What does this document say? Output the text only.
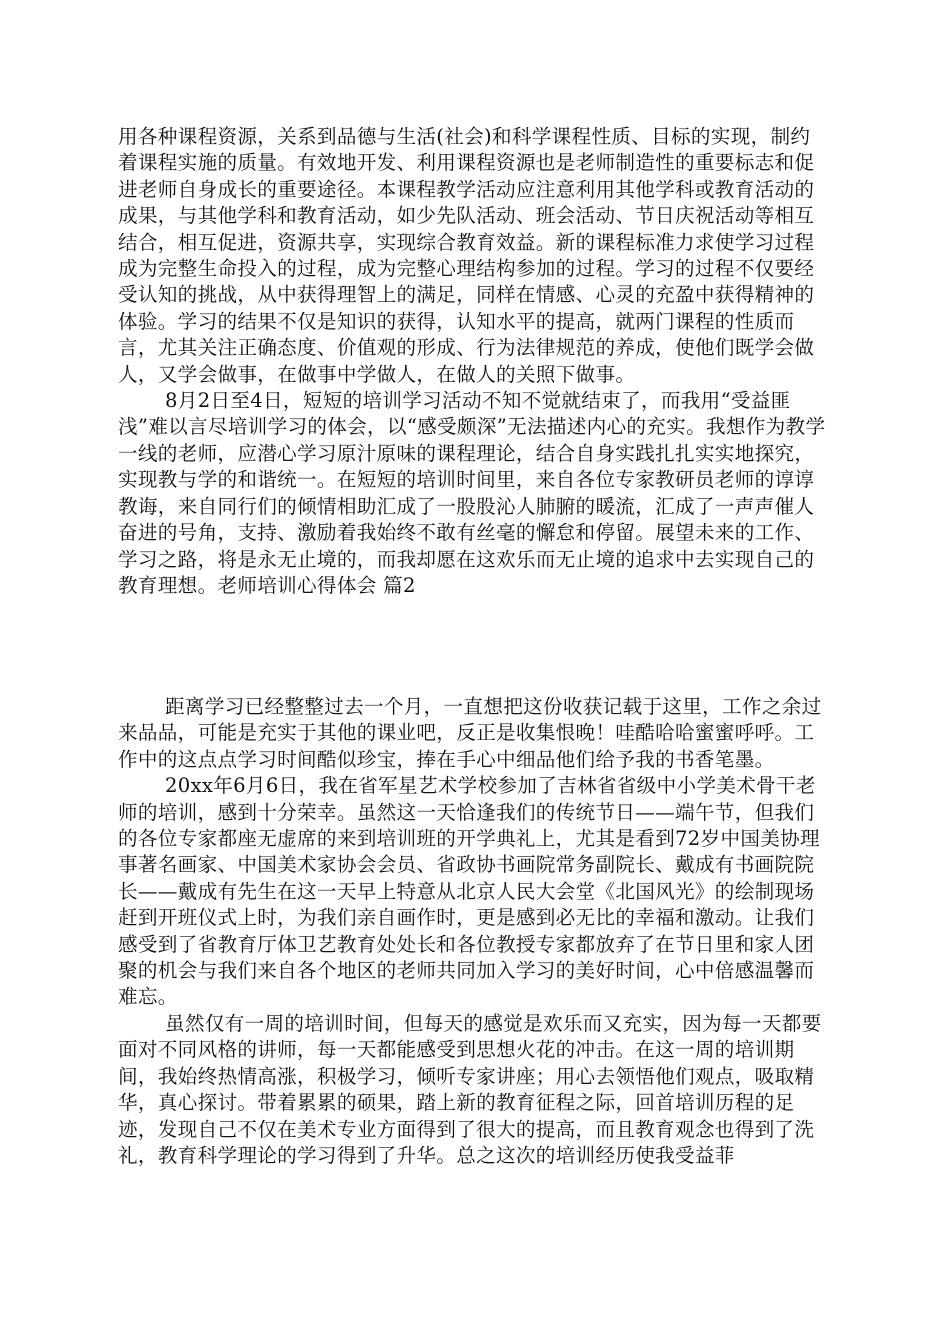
用各种课程资源，关系到品德与生活(社会)和科学课程性质、目标的实现，制约着课程实施的质量。有效地开发、利用课程资源也是老师制造性的重要标志和促进老师自身成长的重要途径。本课程教学活动应注意利用其他学科或教育活动的成果，与其他学科和教育活动，如少先队活动、班会活动、节日庆祝活动等相互结合，相互促进，资源共享，实现综合教育效益。新的课程标准力求使学习过程成为完整生命投入的过程，成为完整心理结构参加的过程。学习的过程不仅要经受认知的挑战，从中获得理智上的满足，同样在情感、心灵的充盈中获得精神的体验。学习的结果不仅是知识的获得，认知水平的提高，就两门课程的性质而言，尤其关注正确态度、价值观的形成、行为法律规范的养成，使他们既学会做人，又学会做事，在做事中学做人，在做人的关照下做事。

8月2日至4日，短短的培训学习活动不知不觉就结束了，而我用“受益匪浅”难以言尽培训学习的体会，以“感受颇深”无法描述内心的充实。我想作为教学一线的老师，应潜心学习原汁原味的课程理论，结合自身实践扎扎实实地探究，实现教与学的和谐统一。在短短的培训时间里，来自各位专家教研员老师的谆谆教诲，来自同行们的倾情相助汇成了一股股沁人肺腑的暖流，汇成了一声声催人奋进的号角，支持、激励着我始终不敢有丝毫的懈怠和停留。展望未来的工作、学习之路，将是永无止境的，而我却愿在这欢乐而无止境的追求中去实现自己的教育理想。老师培训心得体会 篇2

距离学习已经整整过去一个月，一直想把这份收获记载于这里，工作之余过来品品，可能是充实于其他的课业吧，反正是收集恨晚！哇酷哈哈蜜蜜呼呼。工作中的这点点学习时间酷似珍宝，捧在手心中细品他们给予我的书香笔墨。

20xx年6月6日，我在省军星艺术学校参加了吉林省省级中小学美术骨干老师的培训，感到十分荣幸。虽然这一天恰逢我们的传统节日——端午节，但我们的各位专家都座无虚席的来到培训班的开学典礼上，尤其是看到72岁中国美协理事著名画家、中国美术家协会会员、省政协书画院常务副院长、戴成有书画院院长——戴成有先生在这一天早上特意从北京人民大会堂《北国风光》的绘制现场赶到开班仪式上时，为我们亲自画作时，更是感到必无比的幸福和激动。让我们感受到了省教育厅体卫艺教育处处长和各位教授专家都放弃了在节日里和家人团聚的机会与我们来自各个地区的老师共同加入学习的美好时间，心中倍感温馨而难忘。

虽然仅有一周的培训时间，但每天的感觉是欢乐而又充实，因为每一天都要面对不同风格的讲师，每一天都能感受到思想火花的冲击。在这一周的培训期间，我始终热情高涨，积极学习，倾听专家讲座；用心去领悟他们观点，吸取精华，真心探讨。带着累累的硕果，踏上新的教育征程之际，回首培训历程的足迹，发现自己不仅在美术专业方面得到了很大的提高，而且教育观念也得到了洗礼，教育科学理论的学习得到了升华。总之这次的培训经历使我受益菲
